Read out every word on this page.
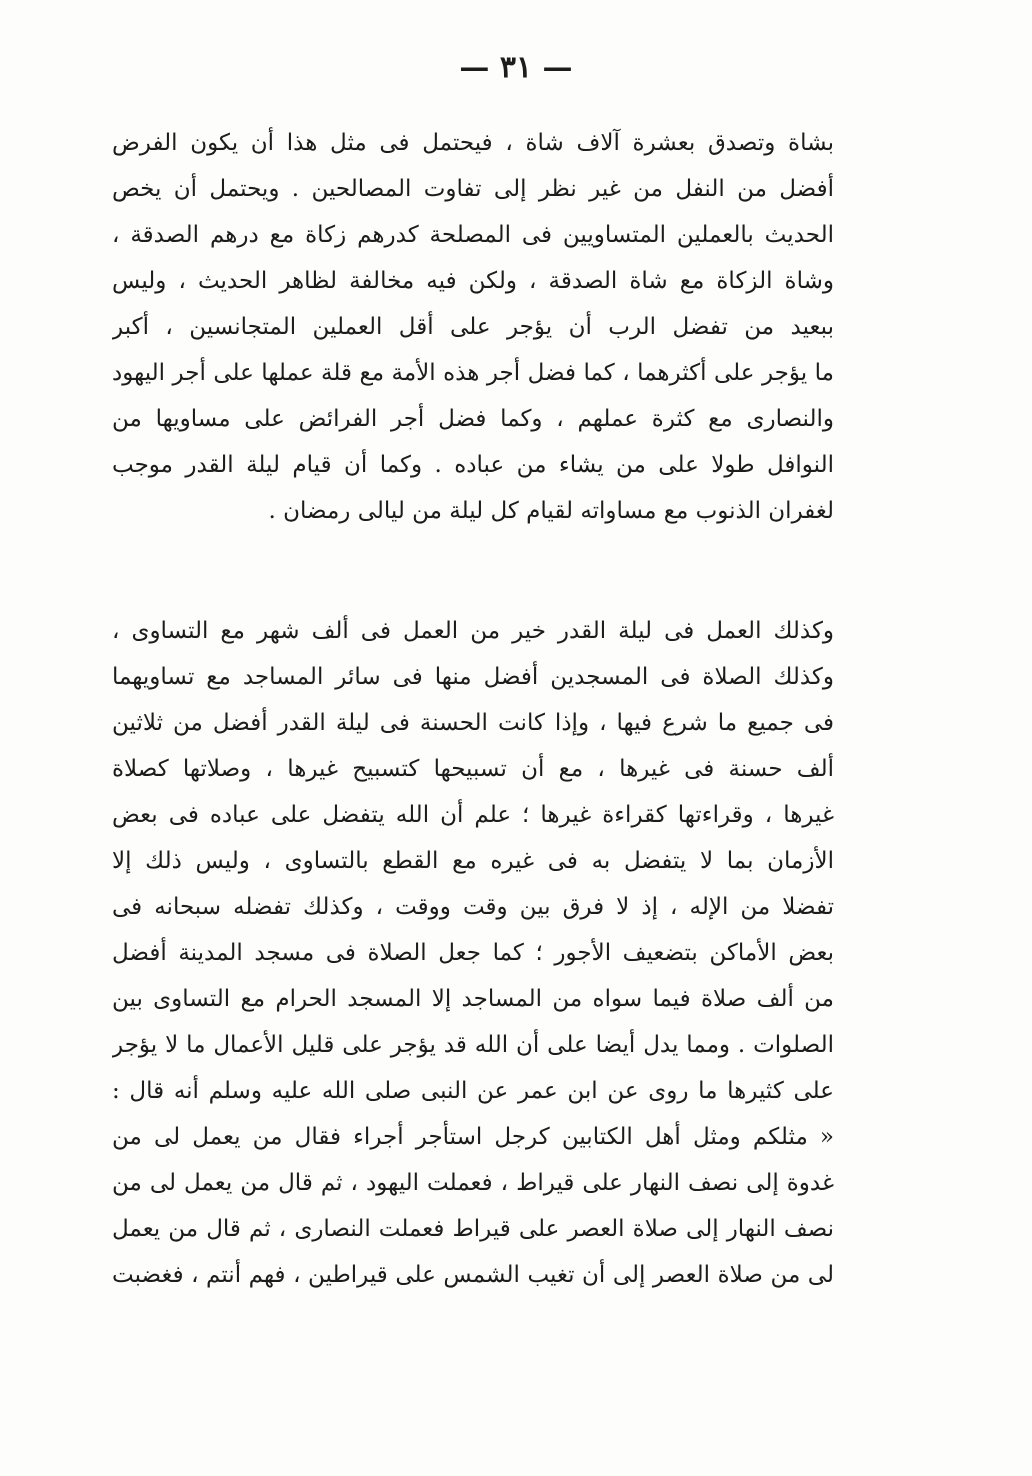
— ٣١ —
بشاة وتصدق بعشرة آلاف شاة ، فيحتمل فى مثل هذا أن يكون الفرض
أفضل من النفل من غير نظر إلى تفاوت المصالحين . ويحتمل أن يخص
الحديث بالعملين المتساويين فى المصلحة كدرهم زكاة مع درهم الصدقة ،
وشاة الزكاة مع شاة الصدقة ، ولكن فيه مخالفة لظاهر الحديث ، وليس
ببعيد من تفضل الرب أن يؤجر على أقل العملين المتجانسين ، أكبر
ما يؤجر على أكثرهما ، كما فضل أجر هذه الأمة مع قلة عملها على أجر اليهود
والنصارى مع كثرة عملهم ، وكما فضل أجر الفرائض على مساويها من
النوافل طولا على من يشاء من عباده . وكما أن قيام ليلة القدر موجب
لغفران الذنوب مع مساواته لقيام كل ليلة من ليالى رمضان .
وكذلك العمل فى ليلة القدر خير من العمل فى ألف شهر مع التساوى ،
وكذلك الصلاة فى المسجدين أفضل منها فى سائر المساجد مع تساويهما
فى جميع ما شرع فيها ، وإذا كانت الحسنة فى ليلة القدر أفضل من ثلاثين
ألف حسنة فى غيرها ، مع أن تسبيحها كتسبيح غيرها ، وصلاتها كصلاة
غيرها ، وقراءتها كقراءة غيرها ؛ علم أن الله يتفضل على عباده فى بعض
الأزمان بما لا يتفضل به فى غيره مع القطع بالتساوى ، وليس ذلك إلا
تفضلا من الإله ، إذ لا فرق بين وقت ووقت ، وكذلك تفضله سبحانه فى
بعض الأماكن بتضعيف الأجور ؛ كما جعل الصلاة فى مسجد المدينة أفضل
من ألف صلاة فيما سواه من المساجد إلا المسجد الحرام مع التساوى بين
الصلوات . ومما يدل أيضا على أن الله قد يؤجر على قليل الأعمال ما لا يؤجر
على كثيرها ما روى عن ابن عمر عن النبى صلى الله عليه وسلم أنه قال :
« مثلكم ومثل أهل الكتابين كرجل استأجر أجراء فقال من يعمل لى من
غدوة إلى نصف النهار على قيراط ، فعملت اليهود ، ثم قال من يعمل لى من
نصف النهار إلى صلاة العصر على قيراط فعملت النصارى ، ثم قال من يعمل
لى من صلاة العصر إلى أن تغيب الشمس على قيراطين ، فهم أنتم ، فغضبت
